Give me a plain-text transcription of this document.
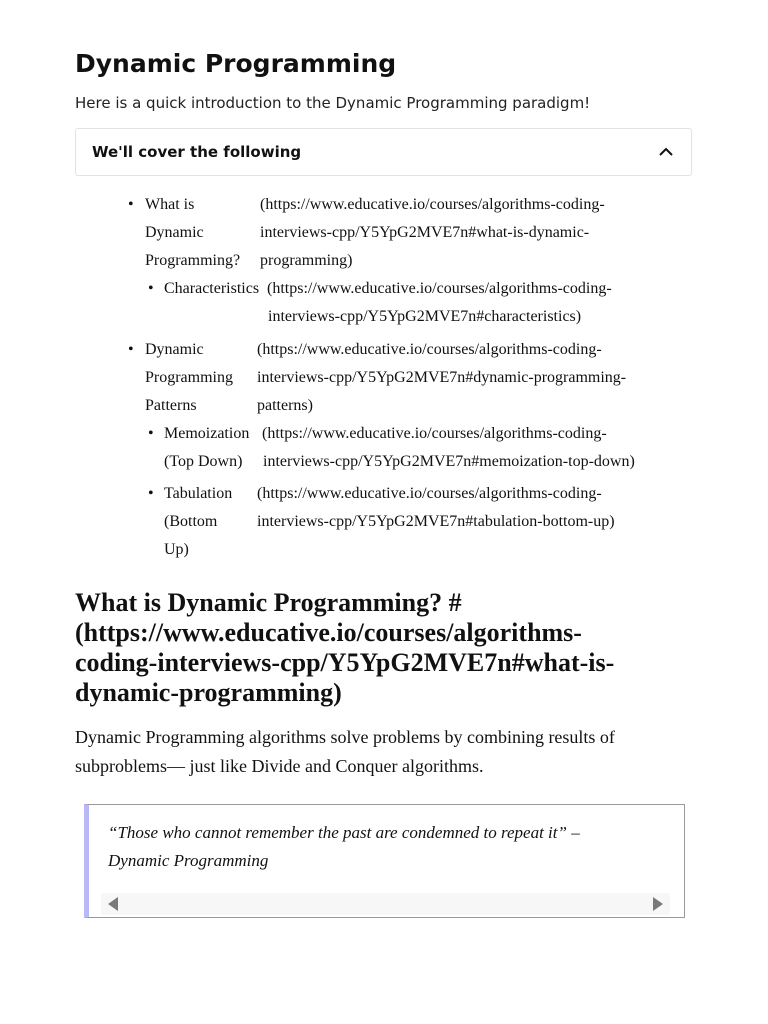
Dynamic Programming

Here is a quick introduction to the Dynamic Programming paradigm!

We'll cover the following
• What is
Dynamic
Programming?
(https://www.educative.io/courses/algorithms-coding-
interviews-cpp/Y5YpG2MVE7n#what-is-dynamic-
programming)
• Characteristics (https://www.educative.io/courses/algorithms-coding-
interviews-cpp/Y5YpG2MVE7n#characteristics)
• Dynamic
Programming
Patterns
(https://www.educative.io/courses/algorithms-coding-
interviews-cpp/Y5YpG2MVE7n#dynamic-programming-
patterns)
• Memoization
(Top Down)
(https://www.educative.io/courses/algorithms-coding-
interviews-cpp/Y5YpG2MVE7n#memoization-top-down)
• Tabulation
(Bottom Up)
(https://www.educative.io/courses/algorithms-coding-
interviews-cpp/Y5YpG2MVE7n#tabulation-bottom-up)
What is Dynamic Programming? #
(https://www.educative.io/courses/algorithms-
coding-interviews-cpp/Y5YpG2MVE7n#what-is-
dynamic-programming)

Dynamic Programming algorithms solve problems by combining results of
subproblems— just like Divide and Conquer algorithms.

“Those who cannot remember the past are condemned to repeat it” –
Dynamic Programming
